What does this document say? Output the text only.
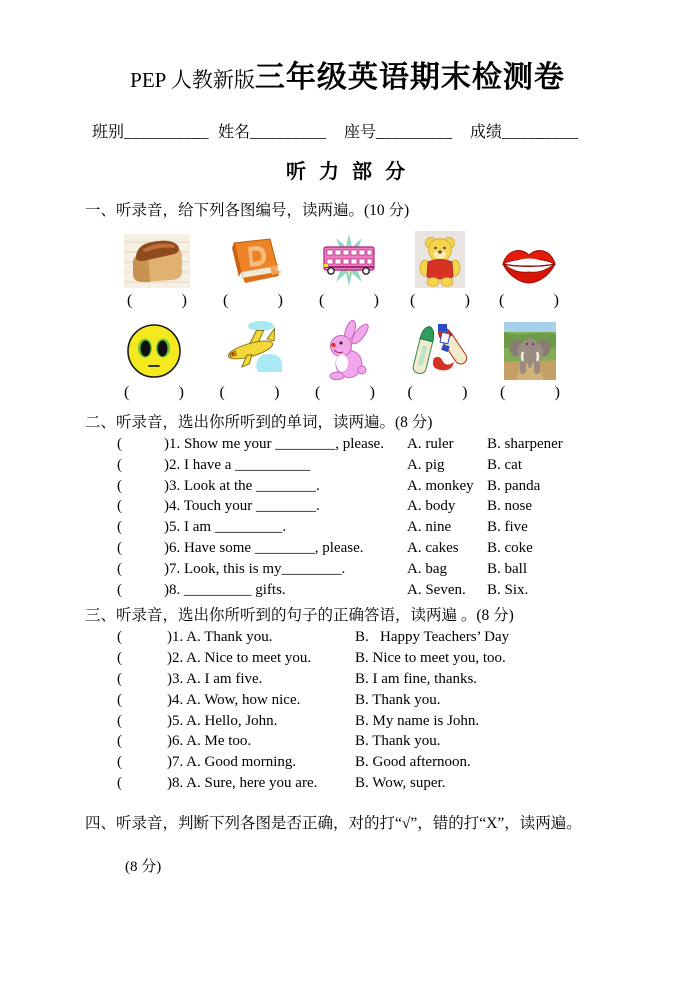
PEP 人教新版三年级英语期末检测卷
班别__________ 姓名_________	座号_________	成绩_________
听 力 部 分
一、听录音，给下列各图编号，读两遍。(10 分)
(	) (	) (	) (	) (	)
(	) (	) (	) (	) (	)
二、听录音，选出你所听到的单词，读两遍。(8 分)
(	)1. Show me your ________, please.	A. ruler	B. sharpener
(	)2. I have a __________	A. pig	B. cat
(	)3. Look at the ________.	A. monkey B. panda
(	)4. Touch your ________.	A. body	B. nose
(	)5. I am _________.	A. nine	B. five
(	)6. Have some ________, please.	A. cakes	B. coke
(	)7. Look, this is my________.	A. bag	B. ball
(	)8. _________ gifts.	A. Seven.	B. Six.
三、听录音，选出你所听到的句子的正确答语，读两遍 。(8 分)
(	)1. A. Thank you.	B.   Happy Teachers’ Day
(	)2. A. Nice to meet you.	B. Nice to meet you, too.
(	)3. A. I am five.	B. I am fine, thanks.
(	)4. A. Wow, how nice.	B. Thank you.
(	)5. A. Hello, John.	B. My name is John.
(	)6. A. Me too.	B. Thank you.
(	)7. A. Good morning.	B. Good afternoon.
(	)8. A. Sure, here you are.	B. Wow, super.
四、听录音，判断下列各图是否正确，对的打“√”，错的打“X”，读两遍。
(8 分)
